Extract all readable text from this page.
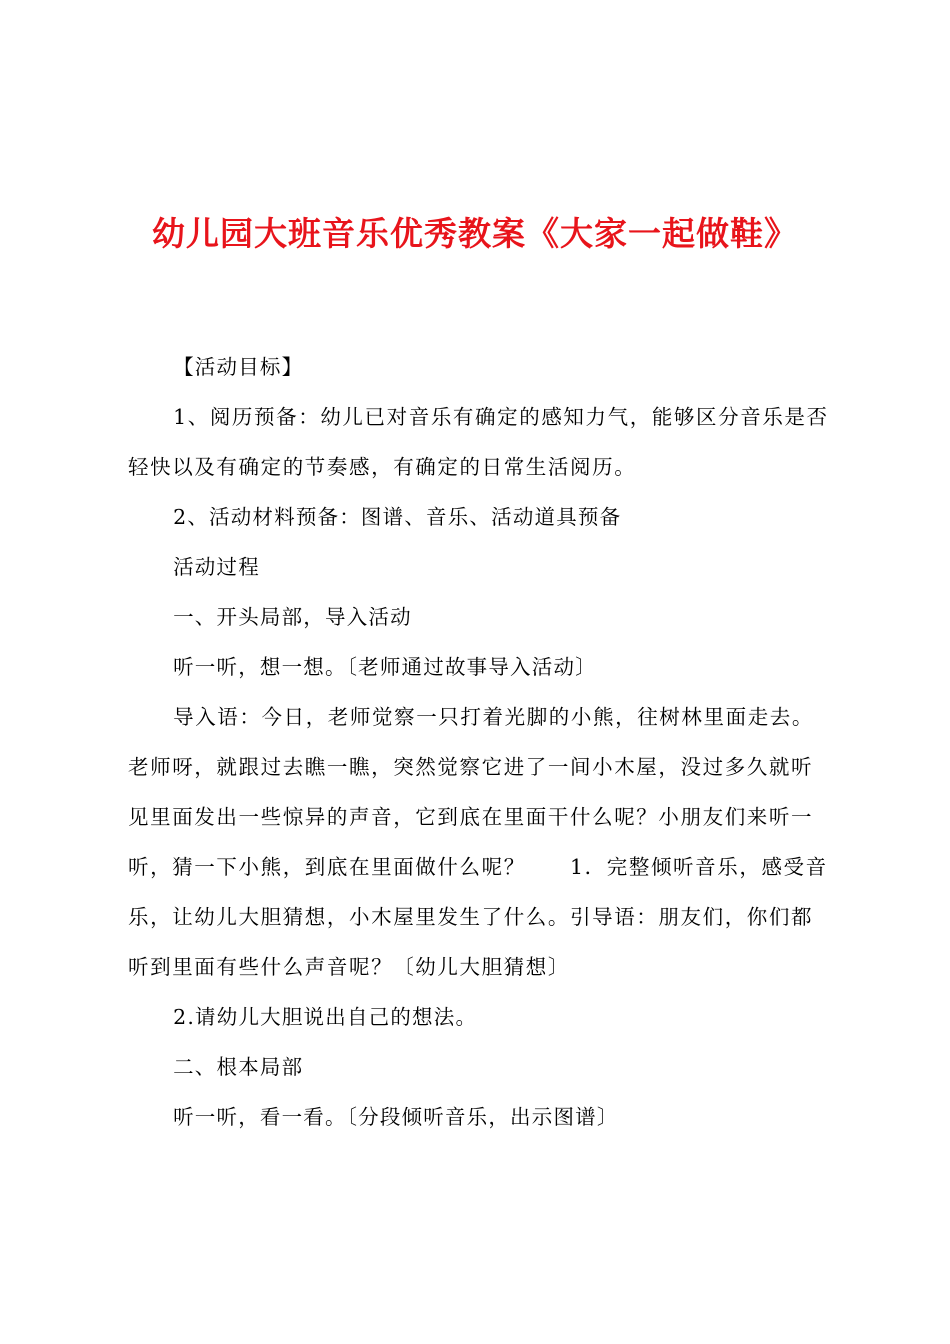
幼儿园大班音乐优秀教案《大家一起做鞋》

【活动目标】

1、阅历预备：幼儿已对音乐有确定的感知力气，能够区分音乐是否轻快以及有确定的节奏感，有确定的日常生活阅历。

2、活动材料预备：图谱、音乐、活动道具预备

活动过程

一、开头局部，导入活动

听一听，想一想。〔老师通过故事导入活动〕

导入语：今日，老师觉察一只打着光脚的小熊，往树林里面走去。老师呀，就跟过去瞧一瞧，突然觉察它进了一间小木屋，没过多久就听见里面发出一些惊异的声音，它到底在里面干什么呢？小朋友们来听一听，猜一下小熊，到底在里面做什么呢？　　1．完整倾听音乐，感受音乐，让幼儿大胆猜想，小木屋里发生了什么。引导语：朋友们，你们都听到里面有些什么声音呢？〔幼儿大胆猜想〕

2.请幼儿大胆说出自己的想法。

二、根本局部

听一听，看一看。〔分段倾听音乐，出示图谱〕
